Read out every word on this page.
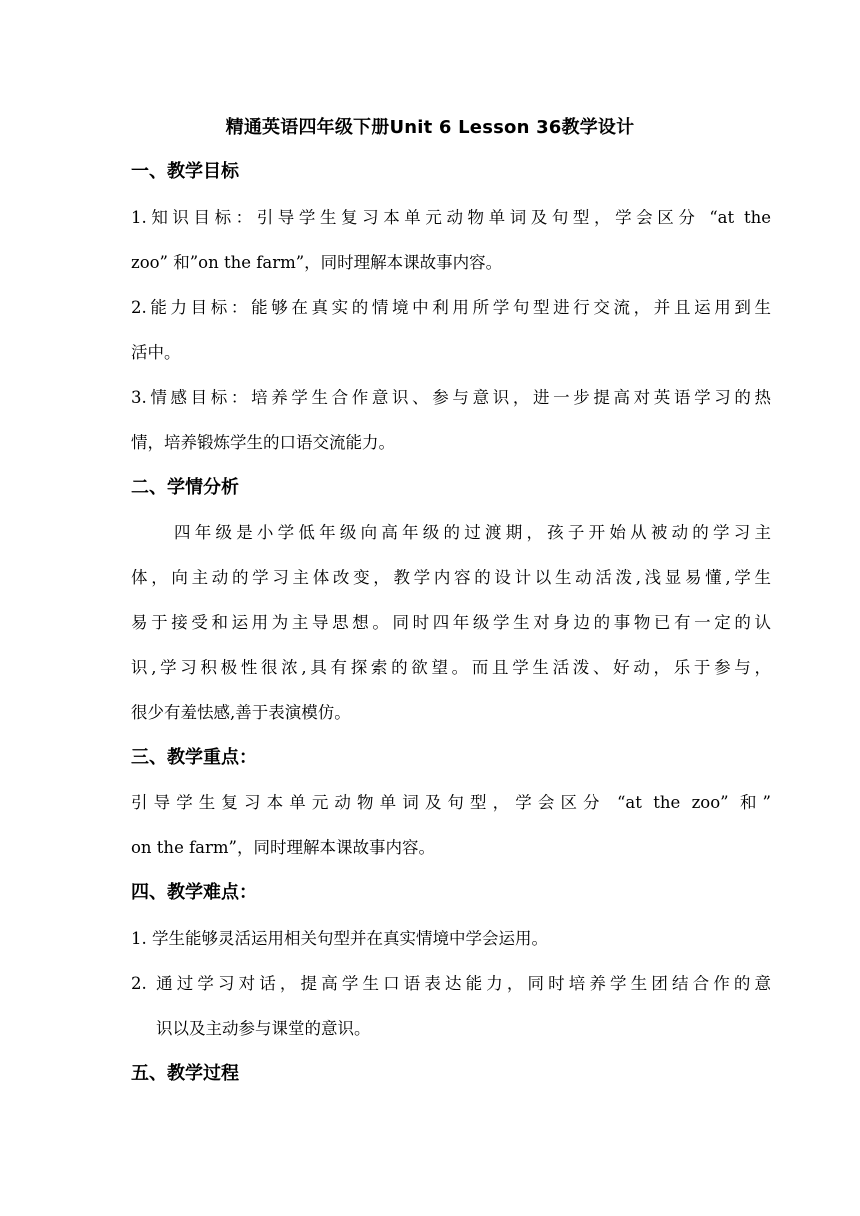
精通英语四年级下册Unit 6 Lesson 36教学设计
一、教学目标
1.知识目标：引导学生复习本单元动物单词及句型，学会区分 “at the
zoo” 和”on the farm”，同时理解本课故事内容。
2.能力目标：能够在真实的情境中利用所学句型进行交流，并且运用到生
活中。
3.情感目标：培养学生合作意识、参与意识，进一步提高对英语学习的热
情，培养锻炼学生的口语交流能力。
二、学情分析
四年级是小学低年级向高年级的过渡期，孩子开始从被动的学习主
体，向主动的学习主体改变，教学内容的设计以生动活泼,浅显易懂,学生
易于接受和运用为主导思想。同时四年级学生对身边的事物已有一定的认
识,学习积极性很浓,具有探索的欲望。而且学生活泼、好动，乐于参与，
很少有羞怯感,善于表演模仿。
三、教学重点：
引导学生复习本单元动物单词及句型，学会区分 “at the zoo” 和”
on the farm”，同时理解本课故事内容。
四、教学难点：
1. 学生能够灵活运用相关句型并在真实情境中学会运用。
2. 通过学习对话，提高学生口语表达能力，同时培养学生团结合作的意
识以及主动参与课堂的意识。
五、教学过程
